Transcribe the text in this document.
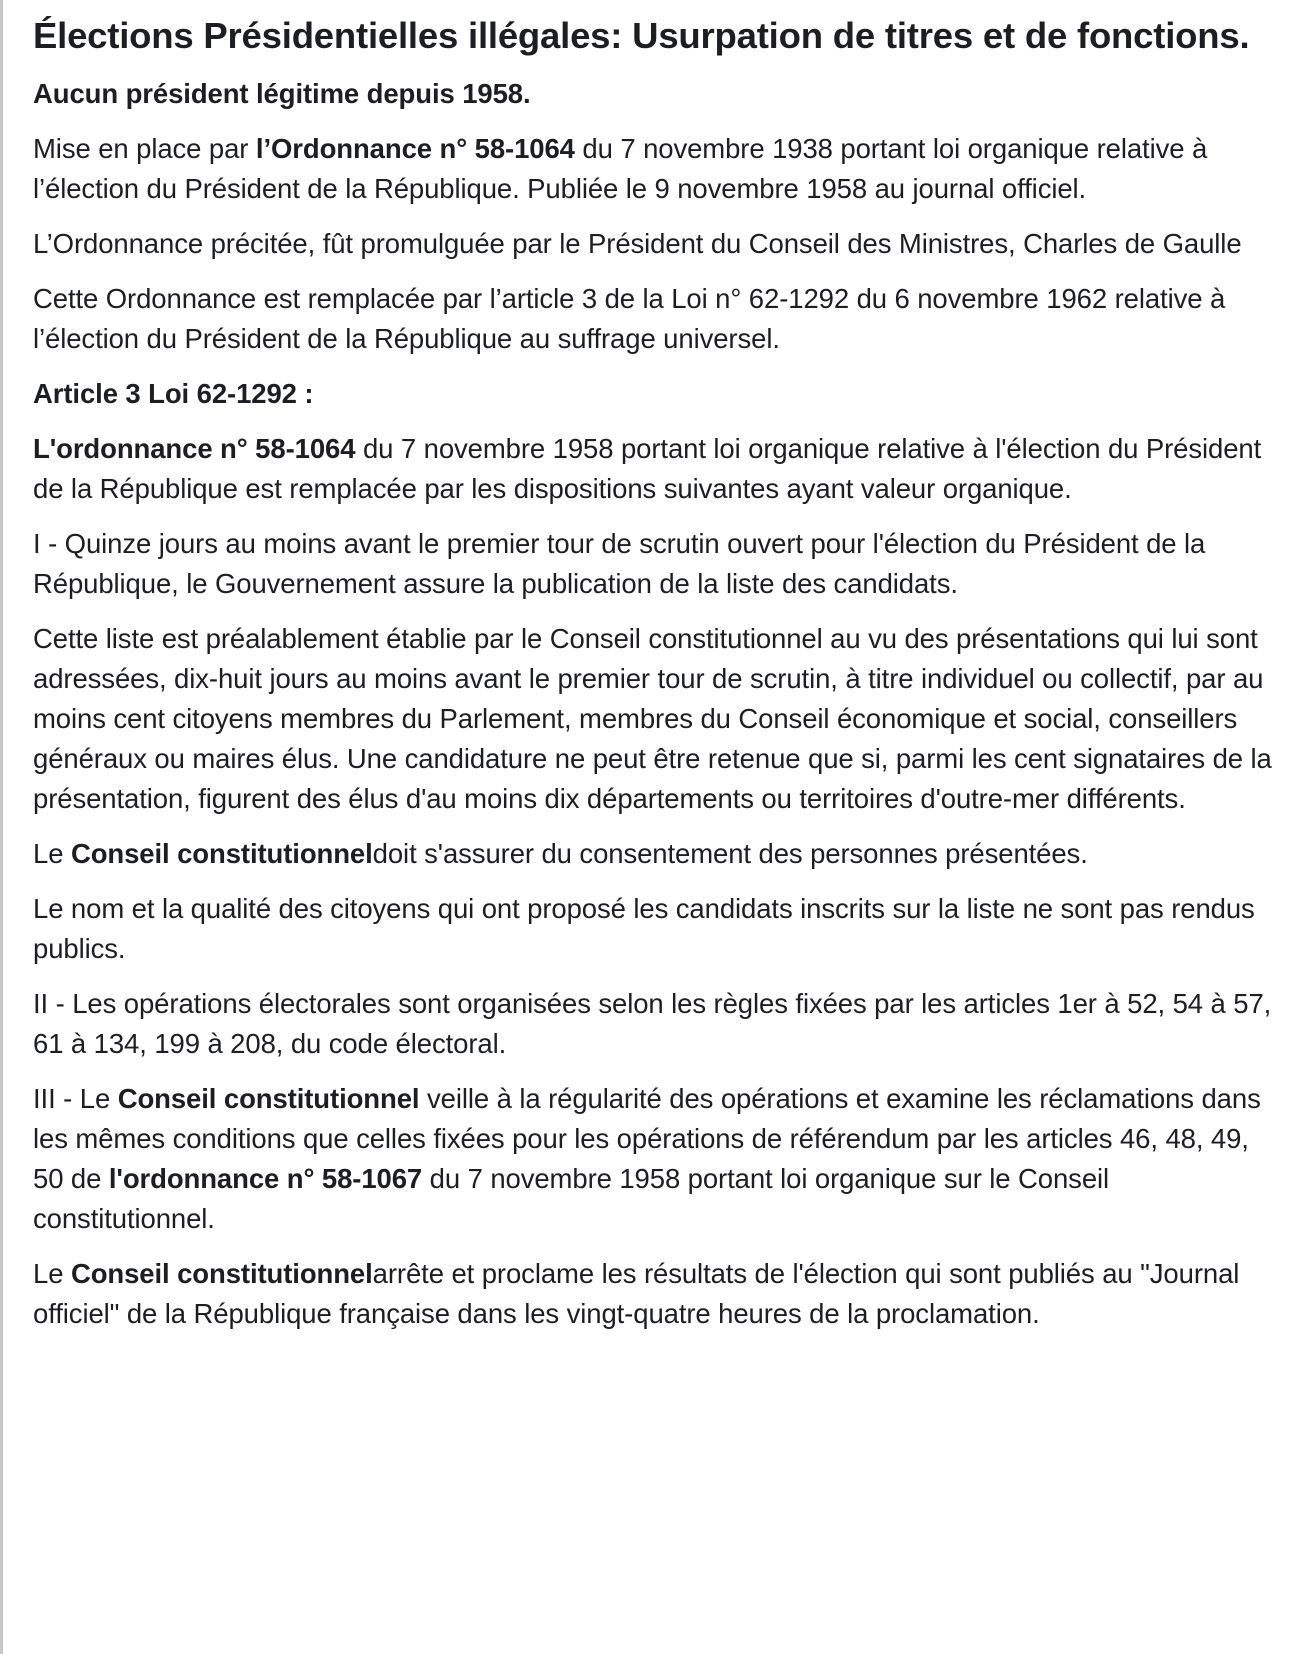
Élections Présidentielles illégales: Usurpation de titres et de fonctions.

Aucun président légitime depuis 1958.

Mise en place par l’Ordonnance n° 58-1064 du 7 novembre 1938 portant loi organique relative à l’élection du Président de la République. Publiée le 9 novembre 1958 au journal officiel.

L’Ordonnance précitée, fût promulguée par le Président du Conseil des Ministres, Charles de Gaulle

Cette Ordonnance est remplacée par l’article 3 de la Loi n° 62-1292 du 6 novembre 1962 relative à l’élection du Président de la République au suffrage universel.

Article 3 Loi 62-1292 :

L'ordonnance n° 58-1064 du 7 novembre 1958 portant loi organique relative à l'élection du Président de la République est remplacée par les dispositions suivantes ayant valeur organique.

I - Quinze jours au moins avant le premier tour de scrutin ouvert pour l'élection du Président de la République, le Gouvernement assure la publication de la liste des candidats.

Cette liste est préalablement établie par le Conseil constitutionnel au vu des présentations qui lui sont adressées, dix-huit jours au moins avant le premier tour de scrutin, à titre individuel ou collectif, par au moins cent citoyens membres du Parlement, membres du Conseil économique et social, conseillers généraux ou maires élus. Une candidature ne peut être retenue que si, parmi les cent signataires de la présentation, figurent des élus d'au moins dix départements ou territoires d'outre-mer différents.

Le Conseil constitutionneldoit s'assurer du consentement des personnes présentées.

Le nom et la qualité des citoyens qui ont proposé les candidats inscrits sur la liste ne sont pas rendus publics.

II - Les opérations électorales sont organisées selon les règles fixées par les articles 1er à 52, 54 à 57, 61 à 134, 199 à 208, du code électoral.

III - Le Conseil constitutionnel veille à la régularité des opérations et examine les réclamations dans les mêmes conditions que celles fixées pour les opérations de référendum par les articles 46, 48, 49, 50 de l'ordonnance n° 58-1067 du 7 novembre 1958 portant loi organique sur le Conseil constitutionnel.

Le Conseil constitutionnelarrête et proclame les résultats de l'élection qui sont publiés au "Journal officiel" de la République française dans les vingt-quatre heures de la proclamation.
